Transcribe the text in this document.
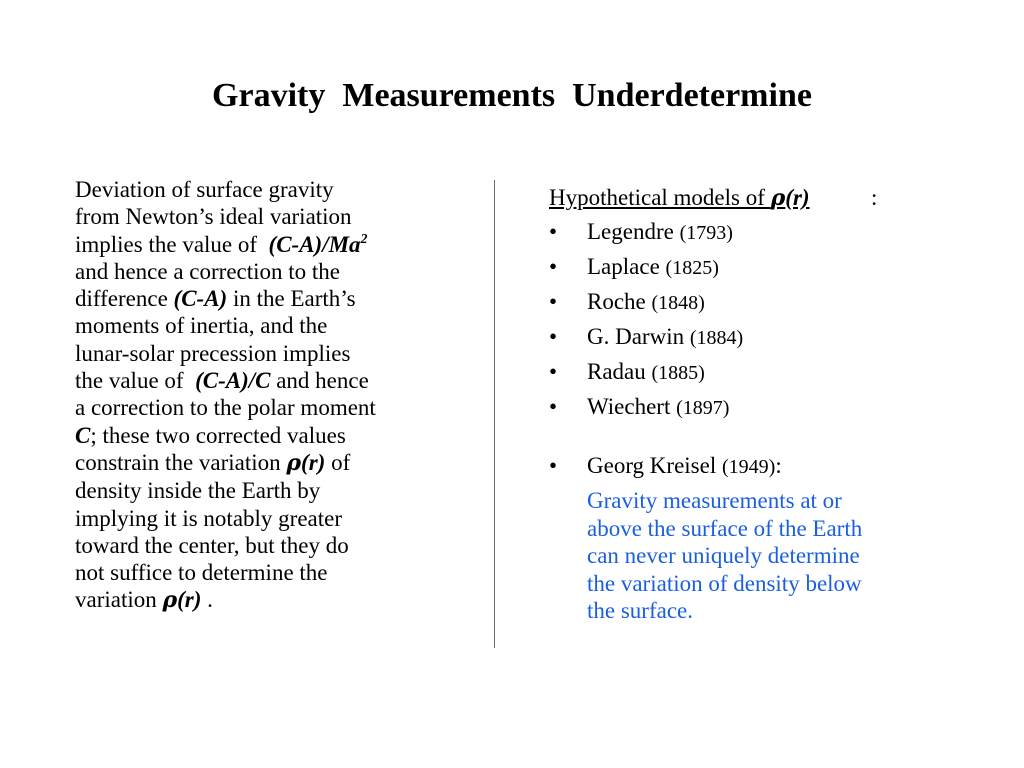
Gravity  Measurements  Underdetermine
Deviation of surface gravity
from Newton’s ideal variation
implies the value of  (C-A)/Ma$^2$
and hence a correction to the
difference (C-A) in the Earth’s
moments of inertia, and the
lunar-solar precession implies
the value of  (C-A)/C and hence
a correction to the polar moment
C; these two corrected values
constrain the variation ρ(r) of
density inside the Earth by
implying it is notably greater
toward the center, but they do
not suffice to determine the
variation ρ(r) .
Hypothetical models of ρ(r)	:
• Legendre (1793)
• Laplace (1825)
• Roche (1848)
• G. Darwin (1884)
• Radau (1885)
• Wiechert (1897)
• Georg Kreisel (1949):
Gravity measurements at or
above the surface of the Earth
can never uniquely determine
the variation of density below
the surface.
